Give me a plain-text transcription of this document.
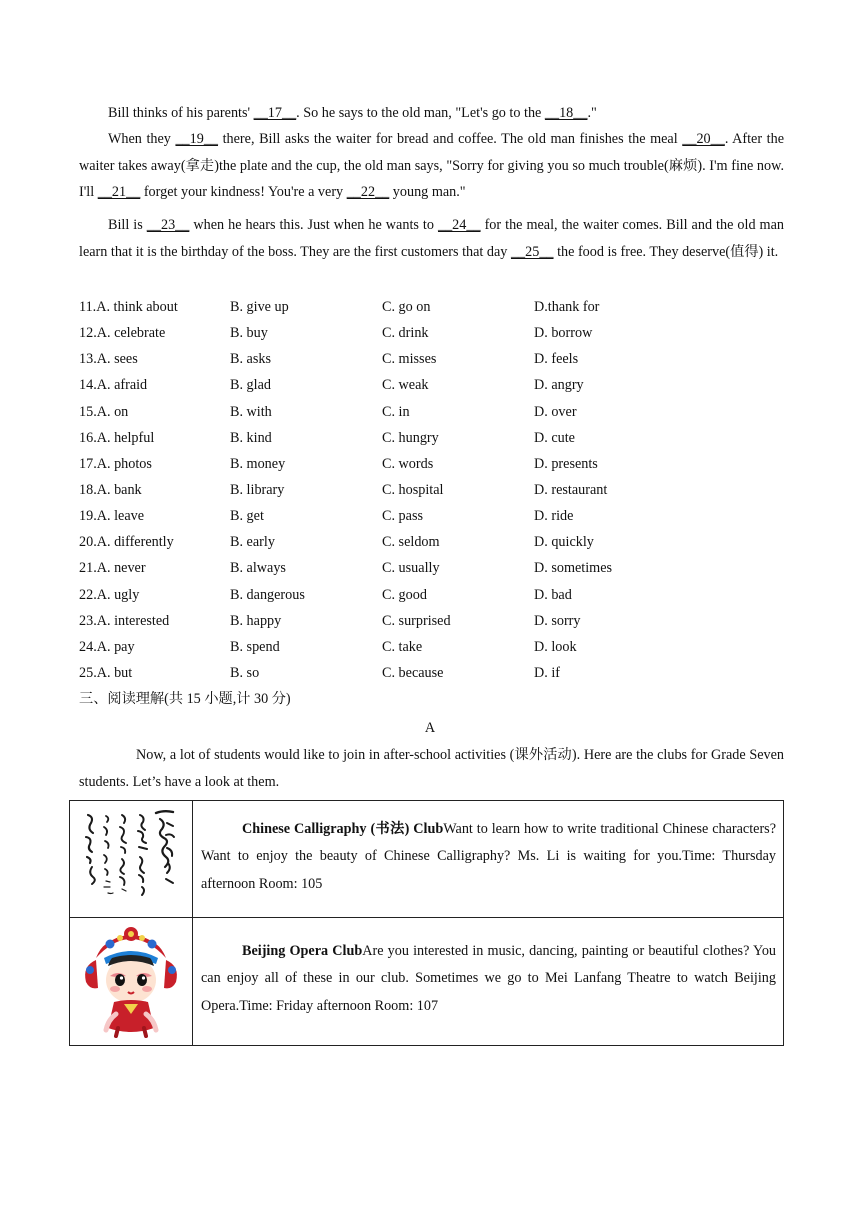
Bill thinks of his parents' __17__. So he says to the old man, "Let's go to the __18__."

When they __19__ there, Bill asks the waiter for bread and coffee. The old man finishes the meal __20__. After the waiter takes away(拿走)the plate and the cup, the old man says, "Sorry for giving you so much trouble(麻烦). I'm fine now. I'll __21__ forget your kindness! You're a very __22__ young man."

Bill is __23__ when he hears this. Just when he wants to __24__ for the meal, the waiter comes. Bill and the old man learn that it is the birthday of the boss. They are the first customers that day __25__ the food is free. They deserve(值得) it.

11.A. think about	B. give up	C. go on	D.thank for
12.A. celebrate	B. buy	C. drink	D. borrow
13.A. sees	B. asks	C. misses	D. feels
14.A. afraid	B. glad	C. weak	D. angry
15.A. on	B. with	C. in	D. over
16.A. helpful	B. kind	C. hungry	D. cute
17.A. photos	B. money	C. words	D. presents
18.A. bank	B. library	C. hospital	D. restaurant
19.A. leave	B. get	C. pass	D. ride
20.A. differently	B. early	C. seldom	D. quickly
21.A. never	B. always	C. usually	D. sometimes
22.A. ugly	B. dangerous	C. good	D. bad
23.A. interested	B. happy	C. surprised	D. sorry
24.A. pay	B. spend	C. take	D. look
25.A. but	B. so	C. because	D. if
三、阅读理解(共 15 小题,计 30 分)
A

Now, a lot of students would like to join in after-school activities (课外活动). Here are the clubs for Grade Seven students. Let’s have a look at them.

Chinese Calligraphy (书法) ClubWant to learn how to write traditional Chinese characters? Want to enjoy the beauty of Chinese Calligraphy? Ms. Li is waiting for you.Time: Thursday afternoon Room: 105
Beijing Opera ClubAre you interested in music, dancing, painting or beautiful clothes? You can enjoy all of these in our club. Sometimes we go to Mei Lanfang Theatre to watch Beijing Opera.Time: Friday afternoon Room: 107
